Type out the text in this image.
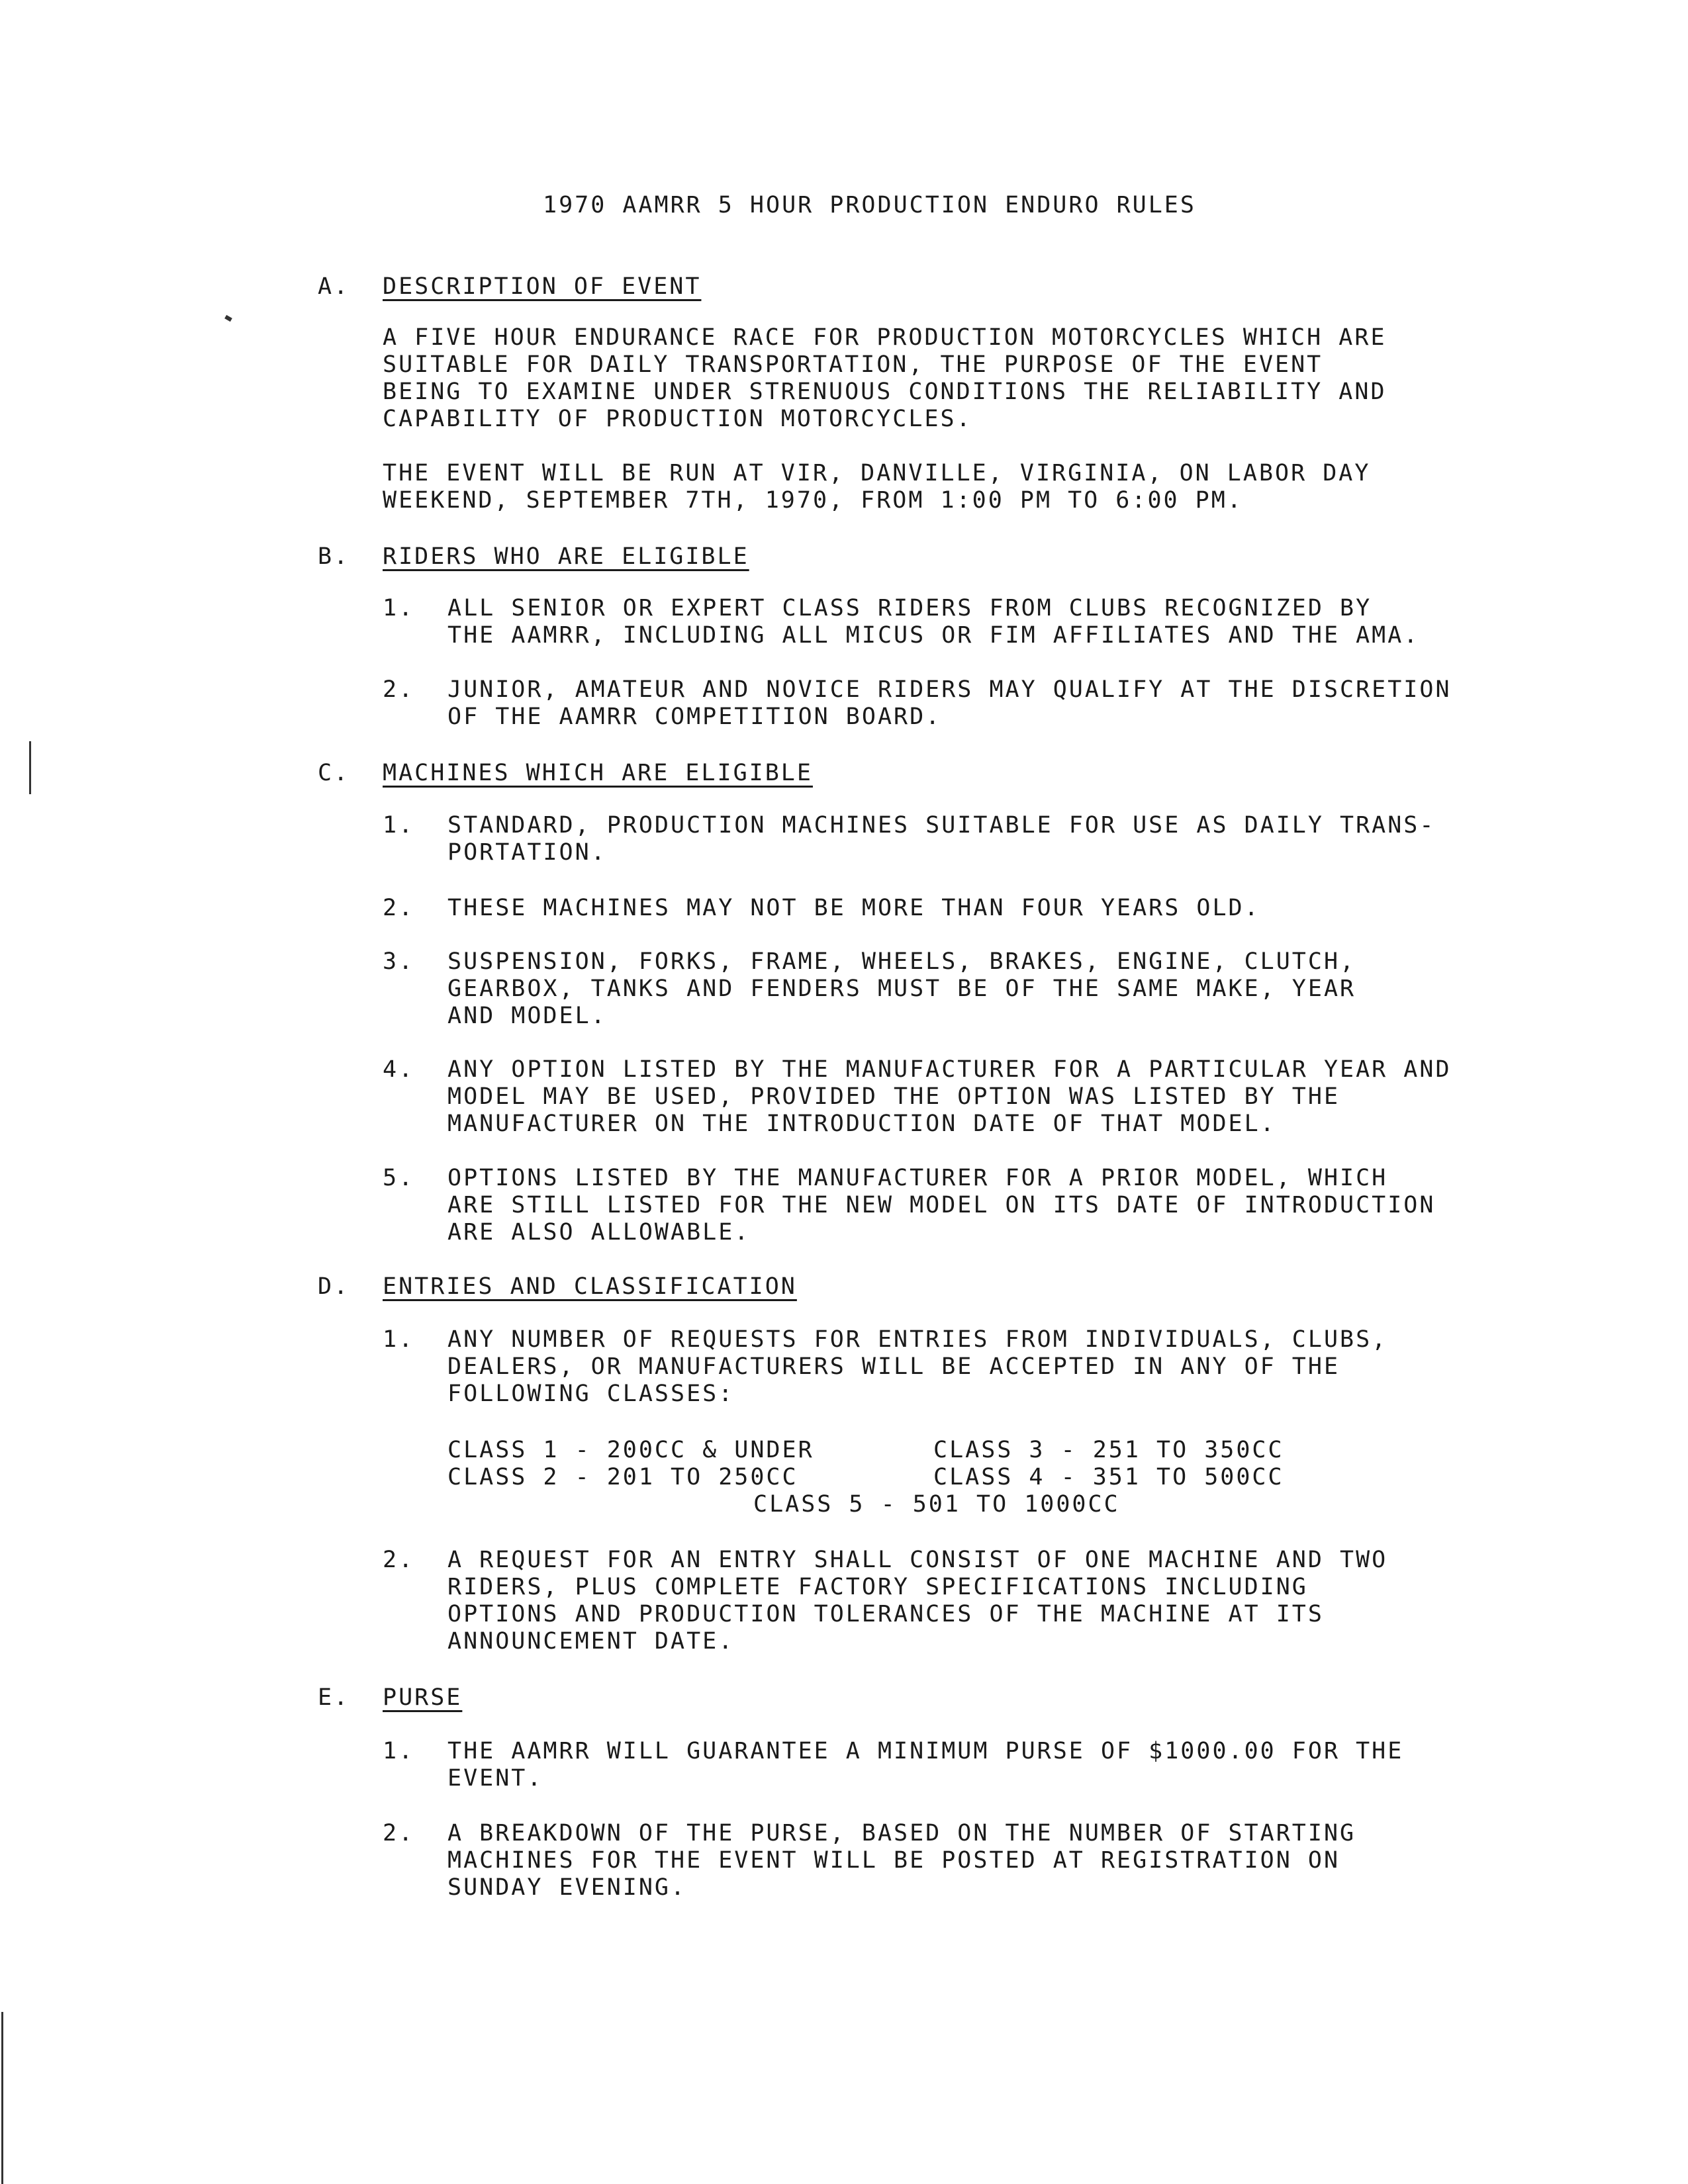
1970 AAMRR 5 HOUR PRODUCTION ENDURO RULES
A. DESCRIPTION OF EVENT
A FIVE HOUR ENDURANCE RACE FOR PRODUCTION MOTORCYCLES WHICH ARE
SUITABLE FOR DAILY TRANSPORTATION, THE PURPOSE OF THE EVENT
BEING TO EXAMINE UNDER STRENUOUS CONDITIONS THE RELIABILITY AND
CAPABILITY OF PRODUCTION MOTORCYCLES.
THE EVENT WILL BE RUN AT VIR, DANVILLE, VIRGINIA, ON LABOR DAY
WEEKEND, SEPTEMBER 7TH, 1970, FROM 1:00 PM TO 6:00 PM.
B. RIDERS WHO ARE ELIGIBLE
1. ALL SENIOR OR EXPERT CLASS RIDERS FROM CLUBS RECOGNIZED BY
THE AAMRR, INCLUDING ALL MICUS OR FIM AFFILIATES AND THE AMA.
2. JUNIOR, AMATEUR AND NOVICE RIDERS MAY QUALIFY AT THE DISCRETION
OF THE AAMRR COMPETITION BOARD.
C. MACHINES WHICH ARE ELIGIBLE
1. STANDARD, PRODUCTION MACHINES SUITABLE FOR USE AS DAILY TRANS-
PORTATION.
2. THESE MACHINES MAY NOT BE MORE THAN FOUR YEARS OLD.
3. SUSPENSION, FORKS, FRAME, WHEELS, BRAKES, ENGINE, CLUTCH,
GEARBOX, TANKS AND FENDERS MUST BE OF THE SAME MAKE, YEAR
AND MODEL.
4. ANY OPTION LISTED BY THE MANUFACTURER FOR A PARTICULAR YEAR AND
MODEL MAY BE USED, PROVIDED THE OPTION WAS LISTED BY THE
MANUFACTURER ON THE INTRODUCTION DATE OF THAT MODEL.
5. OPTIONS LISTED BY THE MANUFACTURER FOR A PRIOR MODEL, WHICH
ARE STILL LISTED FOR THE NEW MODEL ON ITS DATE OF INTRODUCTION
ARE ALSO ALLOWABLE.
D. ENTRIES AND CLASSIFICATION
1. ANY NUMBER OF REQUESTS FOR ENTRIES FROM INDIVIDUALS, CLUBS,
DEALERS, OR MANUFACTURERS WILL BE ACCEPTED IN ANY OF THE
FOLLOWING CLASSES:
CLASS 1 - 200CC & UNDER	CLASS 3 - 251 TO 350CC
CLASS 2 - 201 TO 250CC	CLASS 4 - 351 TO 500CC
CLASS 5 - 501 TO 1000CC
2. A REQUEST FOR AN ENTRY SHALL CONSIST OF ONE MACHINE AND TWO
RIDERS, PLUS COMPLETE FACTORY SPECIFICATIONS INCLUDING
OPTIONS AND PRODUCTION TOLERANCES OF THE MACHINE AT ITS
ANNOUNCEMENT DATE.
E. PURSE
1. THE AAMRR WILL GUARANTEE A MINIMUM PURSE OF $1000.00 FOR THE
EVENT.
2. A BREAKDOWN OF THE PURSE, BASED ON THE NUMBER OF STARTING
MACHINES FOR THE EVENT WILL BE POSTED AT REGISTRATION ON
SUNDAY EVENING.
